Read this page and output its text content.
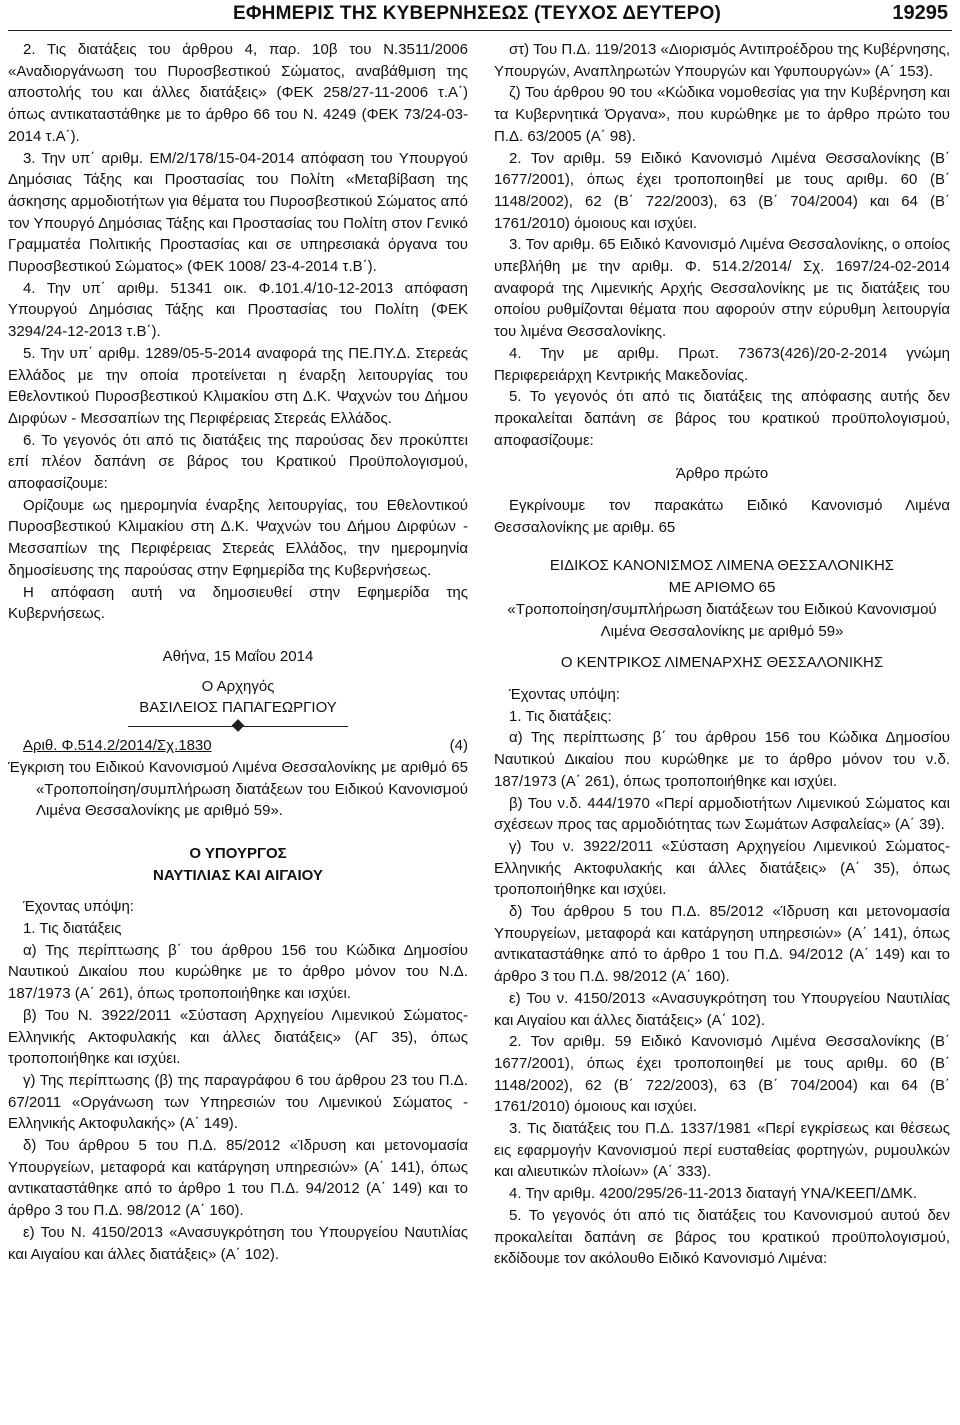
ΕΦΗΜΕΡΙΣ ΤΗΣ ΚΥΒΕΡΝΗΣΕΩΣ (ΤΕΥΧΟΣ ΔΕΥΤΕΡΟ)	19295

2. Τις διατάξεις του άρθρου 4, παρ. 10β του Ν.3511/2006 «Αναδιοργάνωση του Πυροσβεστικού Σώματος, αναβάθμιση της αποστολής του και άλλες διατάξεις» (ΦΕΚ 258/27-11-2006 τ.Α΄) όπως αντικαταστάθηκε με το άρθρο 66 του Ν. 4249 (ΦΕΚ 73/24-03-2014 τ.Α΄).

3. Την υπ΄ αριθμ. ΕΜ/2/178/15-04-2014 απόφαση του Υπουργού Δημόσιας Τάξης και Προστασίας του Πολίτη «Μεταβίβαση της άσκησης αρμοδιοτήτων για θέματα του Πυροσβεστικού Σώματος από τον Υπουργό Δημόσιας Τάξης και Προστασίας του Πολίτη στον Γενικό Γραμματέα Πολιτικής Προστασίας και σε υπηρεσιακά όργανα του Πυροσβεστικού Σώματος» (ΦΕΚ 1008/ 23-4-2014 τ.Β΄).

4. Την υπ΄ αριθμ. 51341 οικ. Φ.101.4/10-12-2013 απόφαση Υπουργού Δημόσιας Τάξης και Προστασίας του Πολίτη (ΦΕΚ 3294/24-12-2013 τ.Β΄).

5. Την υπ΄ αριθμ. 1289/05-5-2014 αναφορά της ΠΕ.ΠΥ.Δ. Στερεάς Ελλάδος με την οποία προτείνεται η έναρξη λειτουργίας του Εθελοντικού Πυροσβεστικού Κλιμακίου στη Δ.Κ. Ψαχνών του Δήμου Διρφύων - Μεσσαπίων της Περιφέρειας Στερεάς Ελλάδος.

6. Το γεγονός ότι από τις διατάξεις της παρούσας δεν προκύπτει επί πλέον δαπάνη σε βάρος του Κρατικού Προϋπολογισμού, αποφασίζουμε:

Ορίζουμε ως ημερομηνία έναρξης λειτουργίας, του Εθελοντικού Πυροσβεστικού Κλιμακίου στη Δ.Κ. Ψαχνών του Δήμου Διρφύων - Μεσσαπίων της Περιφέρειας Στερεάς Ελλάδος, την ημερομηνία δημοσίευσης της παρούσας στην Εφημερίδα της Κυβερνήσεως.

Η απόφαση αυτή να δημοσιευθεί στην Εφημερίδα της Κυβερνήσεως.

Αθήνα, 15 Μαΐου 2014

Ο Αρχηγός

ΒΑΣΙΛΕΙΟΣ ΠΑΠΑΓΕΩΡΓΙΟΥ

Αριθ. Φ.514.2/2014/Σχ.1830	(4)

Έγκριση του Ειδικού Κανονισμού Λιμένα Θεσσαλονίκης με αριθμό 65 «Τροποποίηση/συμπλήρωση διατάξεων του Ειδικού Κανονισμού Λιμένα Θεσσαλονίκης με αριθμό 59».

Ο ΥΠΟΥΡΓΟΣ

ΝΑΥΤΙΛΙΑΣ ΚΑΙ ΑΙΓΑΙΟΥ

Έχοντας υπόψη:

1. Τις διατάξεις

α) Της περίπτωσης β΄ του άρθρου 156 του Κώδικα Δημοσίου Ναυτικού Δικαίου που κυρώθηκε με το άρθρο μόνον του Ν.Δ. 187/1973 (Α΄ 261), όπως τροποποιήθηκε και ισχύει.

β) Του Ν. 3922/2011 «Σύσταση Αρχηγείου Λιμενικού Σώματος-Ελληνικής Ακτοφυλακής και άλλες διατάξεις» (ΑΓ 35), όπως τροποποιήθηκε και ισχύει.

γ) Της περίπτωσης (β) της παραγράφου 6 του άρθρου 23 του Π.Δ. 67/2011 «Οργάνωση των Υπηρεσιών του Λιμενικού Σώματος - Ελληνικής Ακτοφυλακής» (Α΄ 149).

δ) Του άρθρου 5 του Π.Δ. 85/2012 «Ίδρυση και μετονομασία Υπουργείων, μεταφορά και κατάργηση υπηρεσιών» (Α΄ 141), όπως αντικαταστάθηκε από το άρθρο 1 του Π.Δ. 94/2012 (Α΄ 149) και το άρθρο 3 του Π.Δ. 98/2012 (Α΄ 160).

ε) Του Ν. 4150/2013 «Ανασυγκρότηση του Υπουργείου Ναυτιλίας και Αιγαίου και άλλες διατάξεις» (Α΄ 102).

στ) Του Π.Δ. 119/2013 «Διορισμός Αντιπροέδρου της Κυβέρνησης, Υπουργών, Αναπληρωτών Υπουργών και Υφυπουργών» (Α΄ 153).

ζ) Του άρθρου 90 του «Κώδικα νομοθεσίας για την Κυβέρνηση και τα Κυβερνητικά Όργανα», που κυρώθηκε με το άρθρο πρώτο του Π.Δ. 63/2005 (Α΄ 98).

2. Τον αριθμ. 59 Ειδικό Κανονισμό Λιμένα Θεσσαλονίκης (Β΄ 1677/2001), όπως έχει τροποποιηθεί με τους αριθμ. 60 (Β΄ 1148/2002), 62 (Β΄ 722/2003), 63 (Β΄ 704/2004) και 64 (Β΄ 1761/2010) όμοιους και ισχύει.

3. Τον αριθμ. 65 Ειδικό Κανονισμό Λιμένα Θεσσαλονίκης, ο οποίος υπεβλήθη με την αριθμ. Φ. 514.2/2014/ Σχ. 1697/24-02-2014 αναφορά της Λιμενικής Αρχής Θεσσαλονίκης με τις διατάξεις του οποίου ρυθμίζονται θέματα που αφορούν στην εύρυθμη λειτουργία του λιμένα Θεσσαλονίκης.

4. Την με αριθμ. Πρωτ. 73673(426)/20-2-2014 γνώμη Περιφερειάρχη Κεντρικής Μακεδονίας.

5. Το γεγονός ότι από τις διατάξεις της απόφασης αυτής δεν προκαλείται δαπάνη σε βάρος του κρατικού προϋπολογισμού, αποφασίζουμε:

Άρθρο πρώτο

Εγκρίνουμε τον παρακάτω Ειδικό Κανονισμό Λιμένα Θεσσαλονίκης με αριθμ. 65

ΕΙΔΙΚΟΣ ΚΑΝΟΝΙΣΜΟΣ ΛΙΜΕΝΑ ΘΕΣΣΑΛΟΝΙΚΗΣ

ΜΕ ΑΡΙΘΜΟ 65

«Τροποποίηση/συμπλήρωση διατάξεων του Ειδικού Κανονισμού Λιμένα Θεσσαλονίκης με αριθμό 59»

Ο ΚΕΝΤΡΙΚΟΣ ΛΙΜΕΝΑΡΧΗΣ ΘΕΣΣΑΛΟΝΙΚΗΣ

Έχοντας υπόψη:

1. Τις διατάξεις:

α) Της περίπτωσης β΄ του άρθρου 156 του Κώδικα Δημοσίου Ναυτικού Δικαίου που κυρώθηκε με το άρθρο μόνον του ν.δ. 187/1973 (Α΄ 261), όπως τροποποιήθηκε και ισχύει.

β) Του ν.δ. 444/1970 «Περί αρμοδιοτήτων Λιμενικού Σώματος και σχέσεων προς τας αρμοδιότητας των Σωμάτων Ασφαλείας» (Α΄ 39).

γ) Του ν. 3922/2011 «Σύσταση Αρχηγείου Λιμενικού Σώματος-Ελληνικής Ακτοφυλακής και άλλες διατάξεις» (Α΄ 35), όπως τροποποιήθηκε και ισχύει.

δ) Του άρθρου 5 του Π.Δ. 85/2012 «Ίδρυση και μετονομασία Υπουργείων, μεταφορά και κατάργηση υπηρεσιών» (Α΄ 141), όπως αντικαταστάθηκε από το άρθρο 1 του Π.Δ. 94/2012 (Α΄ 149) και το άρθρο 3 του Π.Δ. 98/2012 (Α΄ 160).

ε) Του ν. 4150/2013 «Ανασυγκρότηση του Υπουργείου Ναυτιλίας και Αιγαίου και άλλες διατάξεις» (Α΄ 102).

2. Τον αριθμ. 59 Ειδικό Κανονισμό Λιμένα Θεσσαλονίκης (Β΄ 1677/2001), όπως έχει τροποποιηθεί με τους αριθμ. 60 (Β΄ 1148/2002), 62 (Β΄ 722/2003), 63 (Β΄ 704/2004) και 64 (Β΄ 1761/2010) όμοιους και ισχύει.

3. Τις διατάξεις του Π.Δ. 1337/1981 «Περί εγκρίσεως και θέσεως εις εφαρμογήν Κανονισμού περί ευσταθείας φορτηγών, ρυμουλκών και αλιευτικών πλοίων» (Α΄ 333).

4. Την αριθμ. 4200/295/26-11-2013 διαταγή ΥΝΑ/ΚΕΕΠ/ΔΜΚ.

5. Το γεγονός ότι από τις διατάξεις του Κανονισμού αυτού δεν προκαλείται δαπάνη σε βάρος του κρατικού προϋπολογισμού, εκδίδουμε τον ακόλουθο Ειδικό Κανονισμό Λιμένα:
